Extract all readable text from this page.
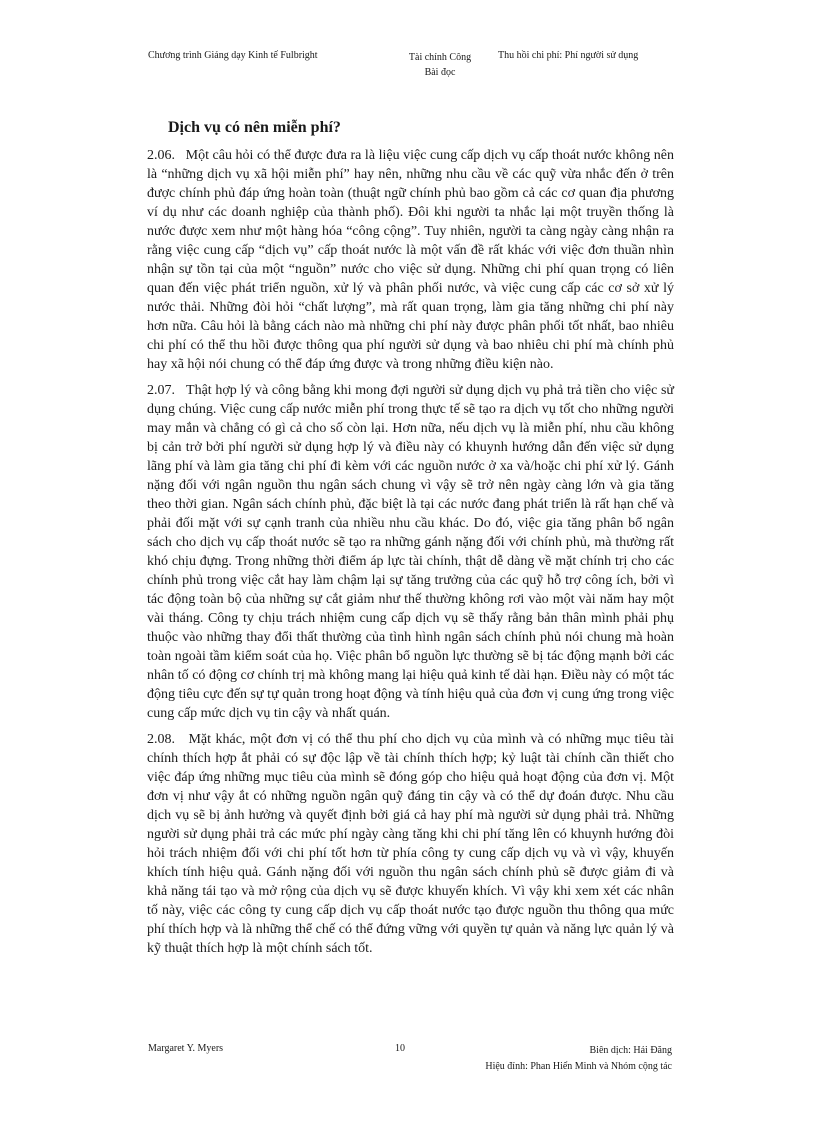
Chương trình Giảng dạy Kinh tế Fulbright	Tài chính Công
Bài đọc
Thu hồi chi phí: Phí người sử dụng
Dịch vụ có nên miễn phí?

2.06. Một câu hỏi có thể được đưa ra là liệu việc cung cấp dịch vụ cấp thoát nước không nên là “những dịch vụ xã hội miễn phí” hay nên, những nhu cầu về các quỹ vừa nhắc đến ở trên được chính phủ đáp ứng hoàn toàn (thuật ngữ chính phủ bao gồm cả các cơ quan địa phương ví dụ như các doanh nghiệp của thành phố). Đôi khi người ta nhắc lại một truyền thống là nước được xem như một hàng hóa “công cộng”. Tuy nhiên, người ta càng ngày càng nhận ra rằng việc cung cấp “dịch vụ” cấp thoát nước là một vấn đề rất khác với việc đơn thuần nhìn nhận sự tồn tại của một “nguồn” nước cho việc sử dụng. Những chi phí quan trọng có liên quan đến việc phát triển nguồn, xử lý và phân phối nước, và việc cung cấp các cơ sở xử lý nước thải. Những đòi hỏi “chất lượng”, mà rất quan trọng, làm gia tăng những chi phí này hơn nữa. Câu hỏi là bằng cách nào mà những chi phí này được phân phối tốt nhất, bao nhiêu chi phí có thể thu hồi được thông qua phí người sử dụng và bao nhiêu chi phí mà chính phủ hay xã hội nói chung có thể đáp ứng được và trong những điều kiện nào.

2.07. Thật hợp lý và công bằng khi mong đợi người sử dụng dịch vụ phả trả tiền cho việc sử dụng chúng. Việc cung cấp nước miễn phí trong thực tế sẽ tạo ra dịch vụ tốt cho những người may mắn và chẳng có gì cả cho số còn lại. Hơn nữa, nếu dịch vụ là miễn phí, nhu cầu không bị cản trở bởi phí người sử dụng hợp lý và điều này có khuynh hướng dẫn đến việc sử dụng lãng phí và làm gia tăng chi phí đi kèm với các nguồn nước ở xa và/hoặc chi phí xử lý. Gánh nặng đối với ngân nguồn thu ngân sách chung vì vậy sẽ trở nên ngày càng lớn và gia tăng theo thời gian. Ngân sách chính phủ, đặc biệt là tại các nước đang phát triển là rất hạn chế và phải đối mặt với sự cạnh tranh của nhiều nhu cầu khác. Do đó, việc gia tăng phân bổ ngân sách cho dịch vụ cấp thoát nước sẽ tạo ra những gánh nặng đối với chính phủ, mà thường rất khó chịu đựng. Trong những thời điểm áp lực tài chính, thật dễ dàng về mặt chính trị cho các chính phủ trong việc cắt hay làm chậm lại sự tăng trưởng của các quỹ hỗ trợ công ích, bởi vì tác động toàn bộ của những sự cắt giảm như thế thường không rơi vào một vài năm hay một vài tháng. Công ty chịu trách nhiệm cung cấp dịch vụ sẽ thấy rằng bản thân mình phải phụ thuộc vào những thay đổi thất thường của tình hình ngân sách chính phủ nói chung mà hoàn toàn ngoài tầm kiểm soát của họ. Việc phân bổ nguồn lực thường sẽ bị tác động mạnh bởi các nhân tố có động cơ chính trị mà không mang lại hiệu quả kinh tế dài hạn. Điều này có một tác động tiêu cực đến sự tự quản trong hoạt động và tính hiệu quả của đơn vị cung ứng trong việc cung cấp mức dịch vụ tin cậy và nhất quán.

2.08. Mặt khác, một đơn vị có thể thu phí cho dịch vụ của mình và có những mục tiêu tài chính thích hợp ắt phải có sự độc lập về tài chính thích hợp; kỷ luật tài chính cần thiết cho việc đáp ứng những mục tiêu của mình sẽ đóng góp cho hiệu quả hoạt động của đơn vị. Một đơn vị như vậy ắt có những nguồn ngân quỹ đáng tin cậy và có thể dự đoán được. Nhu cầu dịch vụ sẽ bị ảnh hưởng và quyết định bởi giá cả hay phí mà người sử dụng phải trả. Những người sử dụng phải trả các mức phí ngày càng tăng khi chi phí tăng lên có khuynh hướng đòi hỏi trách nhiệm đối với chi phí tốt hơn từ phía công ty cung cấp dịch vụ và vì vậy, khuyến khích tính hiệu quả. Gánh nặng đối với nguồn thu ngân sách chính phủ sẽ được giảm đi và khả năng tái tạo và mở rộng của dịch vụ sẽ được khuyến khích. Vì vậy khi xem xét các nhân tố này, việc các công ty cung cấp dịch vụ cấp thoát nước tạo được nguồn thu thông qua mức phí thích hợp và là những thể chế có thể đứng vững với quyền tự quản và năng lực quản lý và kỹ thuật thích hợp là một chính sách tốt.

Margaret Y. Myers	10	Biên dịch: Hải Đăng
Hiệu đính: Phan Hiển Minh và Nhóm cộng tác
